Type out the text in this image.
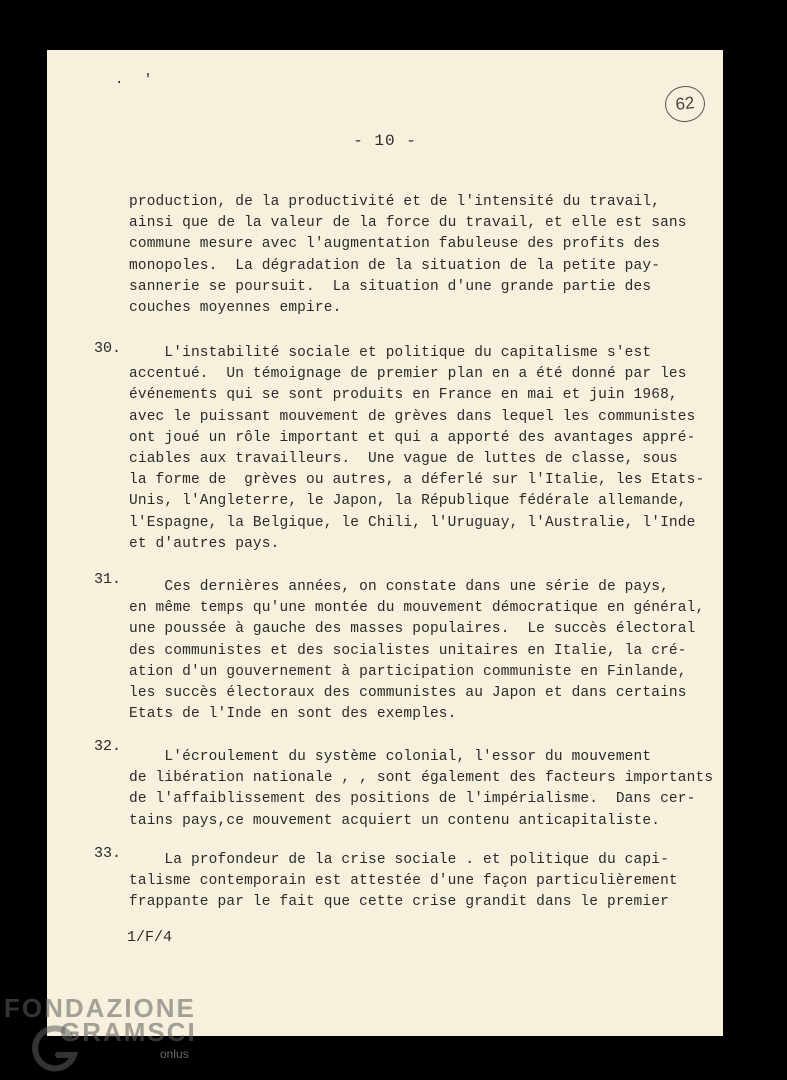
. '
62
- 10 -
production, de la productivité et de l'intensité du travail,
ainsi que de la valeur de la force du travail, et elle est sans
commune mesure avec l'augmentation fabuleuse des profits des
monopoles.  La dégradation de la situation de la petite pay-
sannerie se poursuit.  La situation d'une grande partie des
couches moyennes empire.
30. L'instabilité sociale et politique du capitalisme s'est
accentué.  Un témoignage de premier plan en a été donné par les
événements qui se sont produits en France en mai et juin 1968,
avec le puissant mouvement de grèves dans lequel les communistes
ont joué un rôle important et qui a apporté des avantages appré-
ciables aux travailleurs.  Une vague de luttes de classe, sous
la forme de  grèves ou autres, a déferlé sur l'Italie, les Etats-
Unis, l'Angleterre, le Japon, la République fédérale allemande,
l'Espagne, la Belgique, le Chili, l'Uruguay, l'Australie, l'Inde
et d'autres pays.
31. Ces dernières années, on constate dans une série de pays,
en même temps qu'une montée du mouvement démocratique en général,
une poussée à gauche des masses populaires.  Le succès électoral
des communistes et des socialistes unitaires en Italie, la cré-
ation d'un gouvernement à participation communiste en Finlande,
les succès électoraux des communistes au Japon et dans certains
Etats de l'Inde en sont des exemples.
32.
L'écroulement du système colonial, l'essor du mouvement
de libération nationale , , sont également des facteurs importants
de l'affaiblissement des positions de l'impérialisme.  Dans cer-
tains pays,ce mouvement acquiert un contenu anticapitaliste.
33. La profondeur de la crise sociale . et politique du capi-
talisme contemporain est attestée d'une façon particulièrement
frappante par le fait que cette crise grandit dans le premier
1/F/4
FONDAZIONE
GRAMSCI
onlus
